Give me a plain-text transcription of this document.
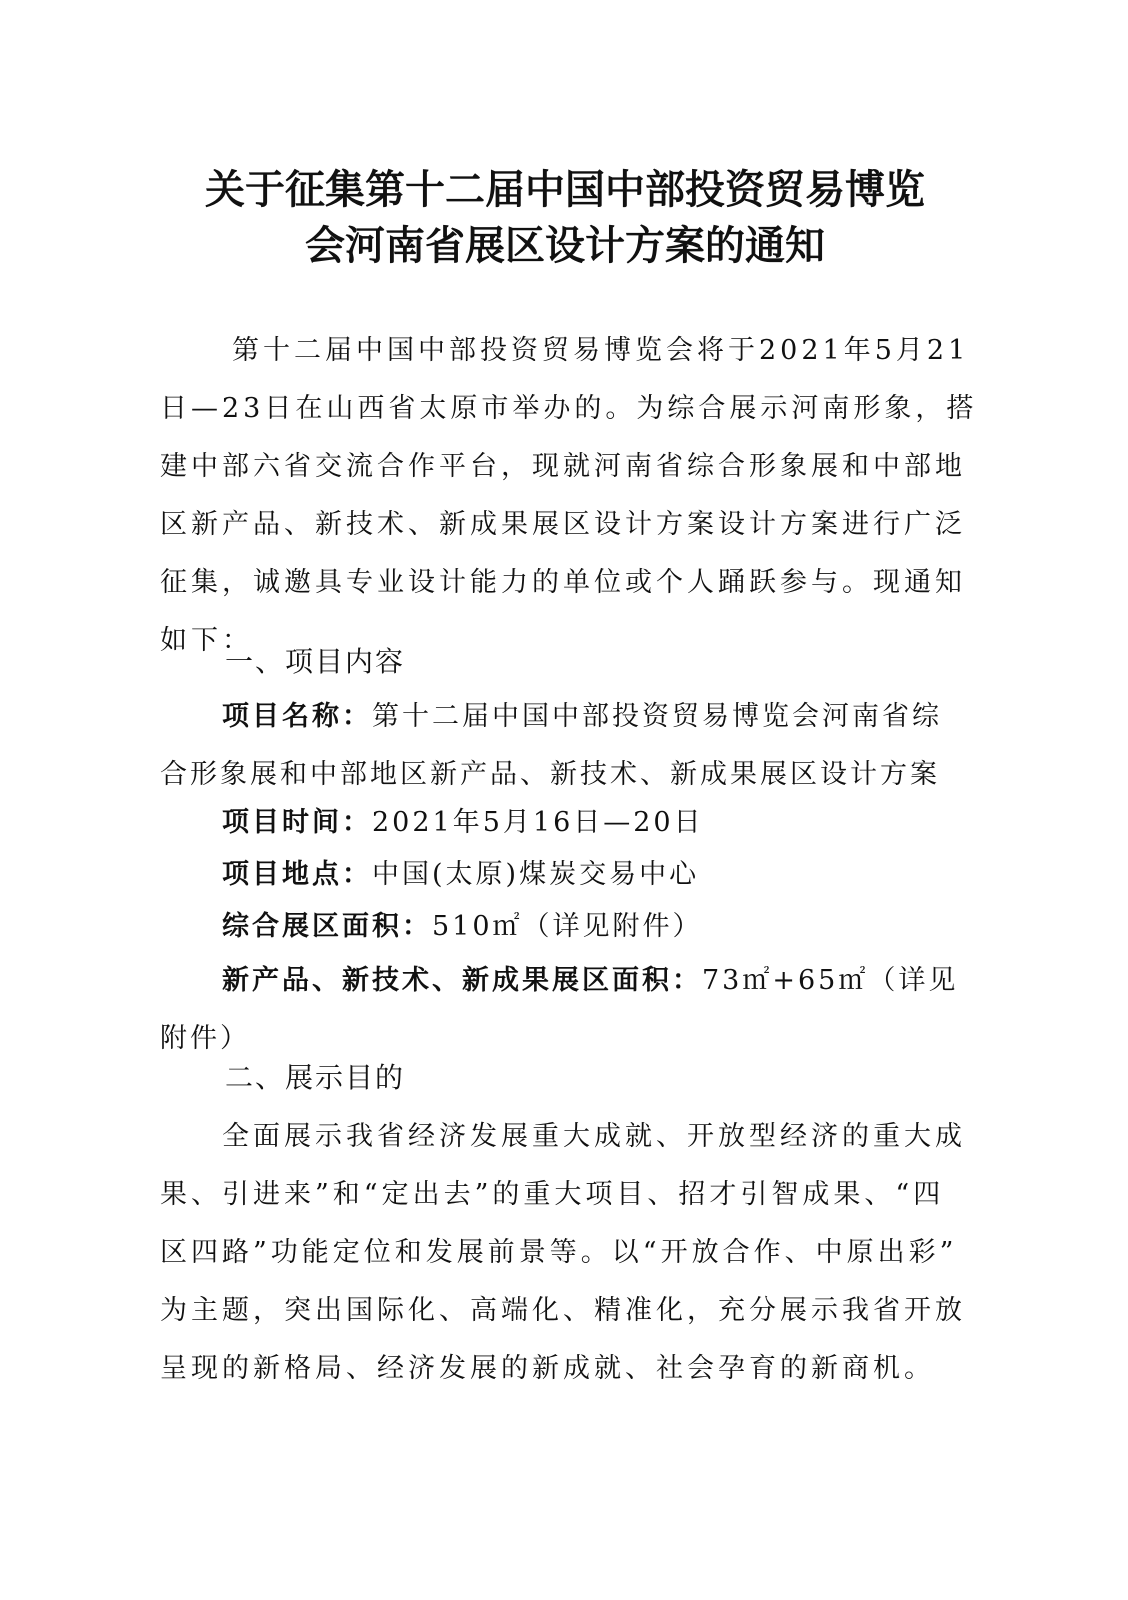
关于征集第十二届中国中部投资贸易博览
会河南省展区设计方案的通知
第十二届中国中部投资贸易博览会将于2021年5月21
日—23日在山西省太原市举办的。为综合展示河南形象，搭
建中部六省交流合作平台，现就河南省综合形象展和中部地
区新产品、新技术、新成果展区设计方案设计方案进行广泛
征集，诚邀具专业设计能力的单位或个人踊跃参与。现通知
如下：
一、项目内容
项目名称：第十二届中国中部投资贸易博览会河南省综
合形象展和中部地区新产品、新技术、新成果展区设计方案
项目时间：2021年5月16日—20日
项目地点：中国(太原)煤炭交易中心
综合展区面积：510㎡（详见附件）
新产品、新技术、新成果展区面积：73㎡+65㎡（详见
附件）
二、展示目的
全面展示我省经济发展重大成就、开放型经济的重大成
果、引进来”和“定出去”的重大项目、招才引智成果、“四
区四路”功能定位和发展前景等。以“开放合作、中原出彩”
为主题，突出国际化、高端化、精准化，充分展示我省开放
呈现的新格局、经济发展的新成就、社会孕育的新商机。
